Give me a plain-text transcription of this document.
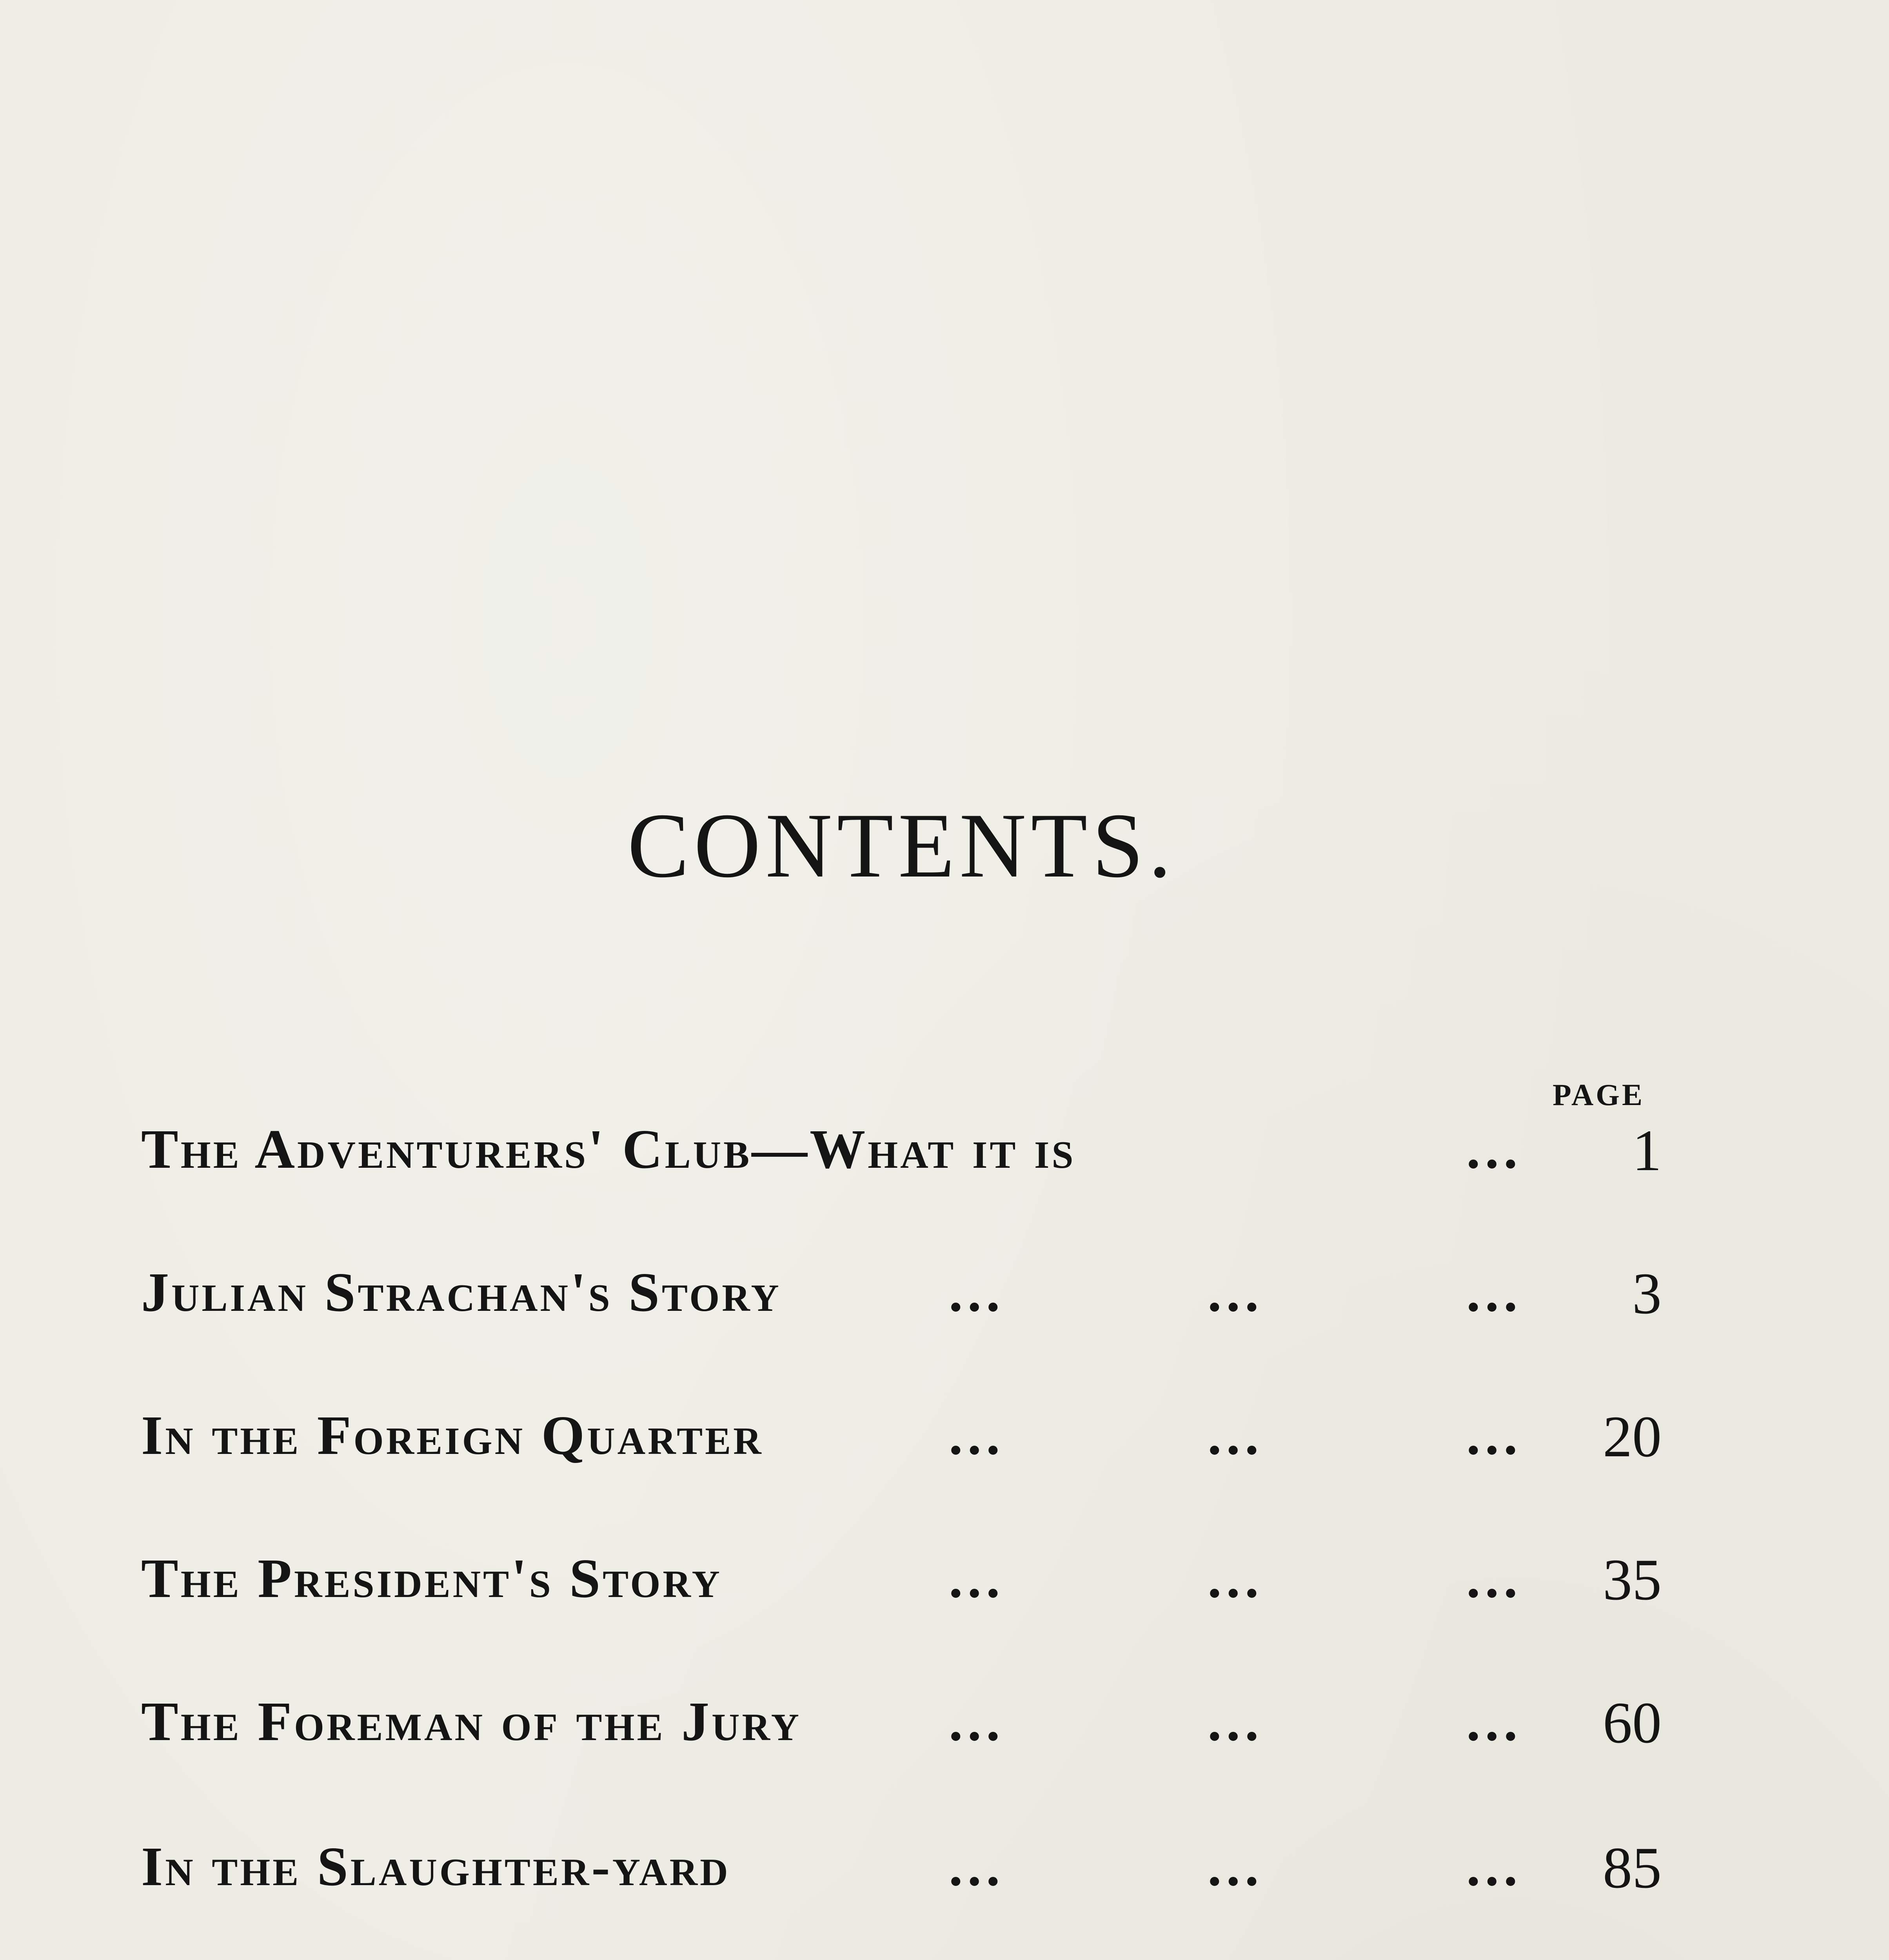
CONTENTS.
PAGE
The Adventurers' Club—What it is	... 1
Julian Strachan's Story	...	...	... 3
In the Foreign Quarter	...	...	... 20
The President's Story	...	...	... 35
The Foreman of the Jury	...	...	... 60
In the Slaughter-yard	...	...	... 85
